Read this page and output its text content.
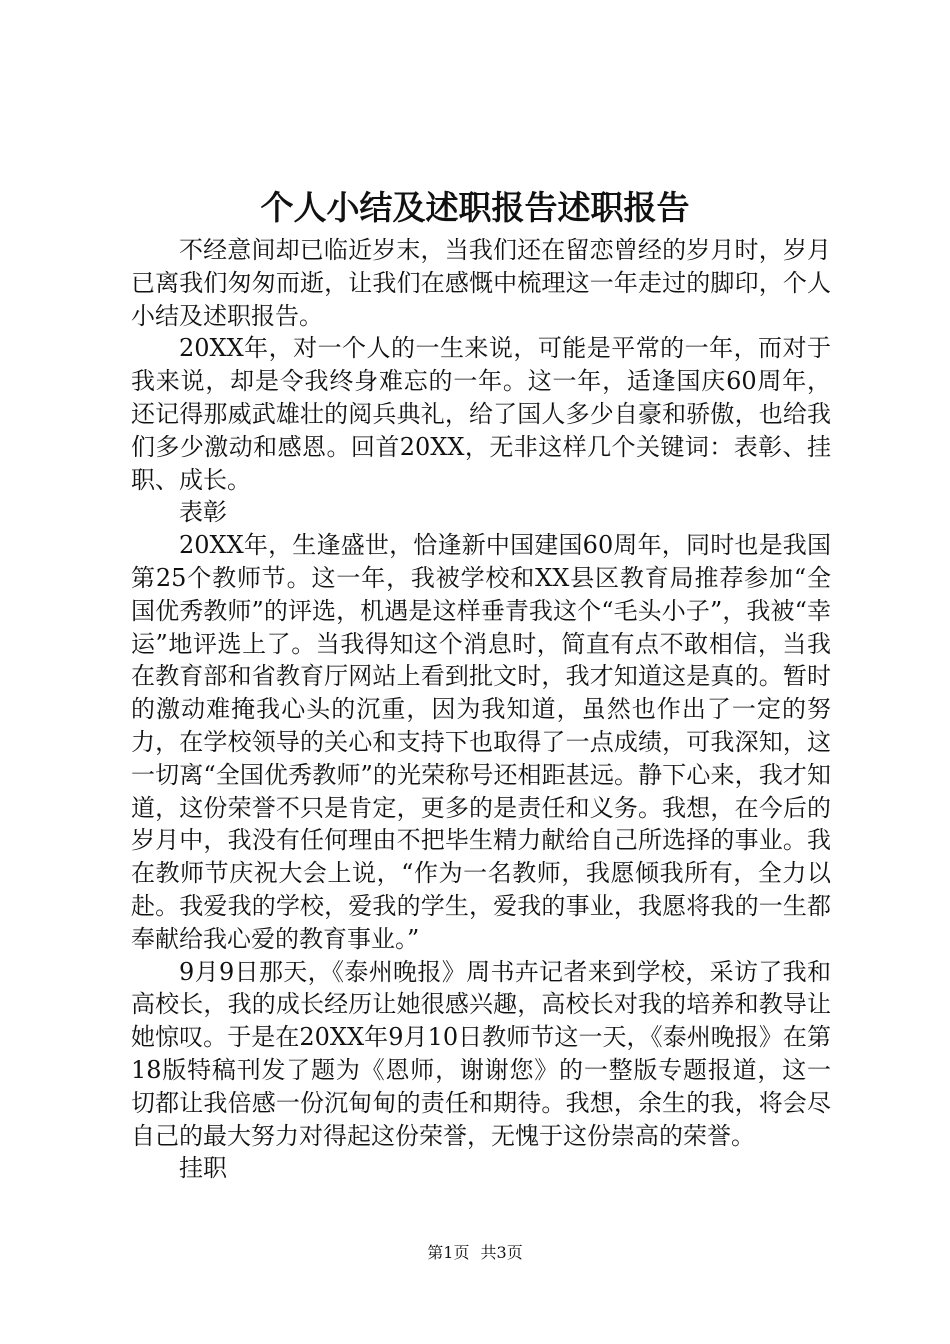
个人小结及述职报告述职报告

不经意间却已临近岁末，当我们还在留恋曾经的岁月时，岁月已离我们匆匆而逝，让我们在感慨中梳理这一年走过的脚印，个人小结及述职报告。

20XX年，对一个人的一生来说，可能是平常的一年，而对于我来说，却是令我终身难忘的一年。这一年，适逢国庆60周年，还记得那威武雄壮的阅兵典礼，给了国人多少自豪和骄傲，也给我们多少激动和感恩。回首20XX，无非这样几个关键词：表彰、挂职、成长。

表彰

20XX年，生逢盛世，恰逢新中国建国60周年，同时也是我国第25个教师节。这一年，我被学校和XX县区教育局推荐参加“全国优秀教师”的评选，机遇是这样垂青我这个“毛头小子”，我被“幸运”地评选上了。当我得知这个消息时，简直有点不敢相信，当我在教育部和省教育厅网站上看到批文时，我才知道这是真的。暂时的激动难掩我心头的沉重，因为我知道，虽然也作出了一定的努力，在学校领导的关心和支持下也取得了一点成绩，可我深知，这一切离“全国优秀教师”的光荣称号还相距甚远。静下心来，我才知道，这份荣誉不只是肯定，更多的是责任和义务。我想，在今后的岁月中，我没有任何理由不把毕生精力献给自己所选择的事业。我在教师节庆祝大会上说，“作为一名教师，我愿倾我所有，全力以赴。我爱我的学校，爱我的学生，爱我的事业，我愿将我的一生都奉献给我心爱的教育事业。”

9月9日那天，《泰州晚报》周书卉记者来到学校，采访了我和高校长，我的成长经历让她很感兴趣，高校长对我的培养和教导让她惊叹。于是在20XX年9月10日教师节这一天，《泰州晚报》在第18版特稿刊发了题为《恩师，谢谢您》的一整版专题报道，这一切都让我倍感一份沉甸甸的责任和期待。我想，余生的我，将会尽自己的最大努力对得起这份荣誉，无愧于这份崇高的荣誉。

挂职

第1页 共3页
